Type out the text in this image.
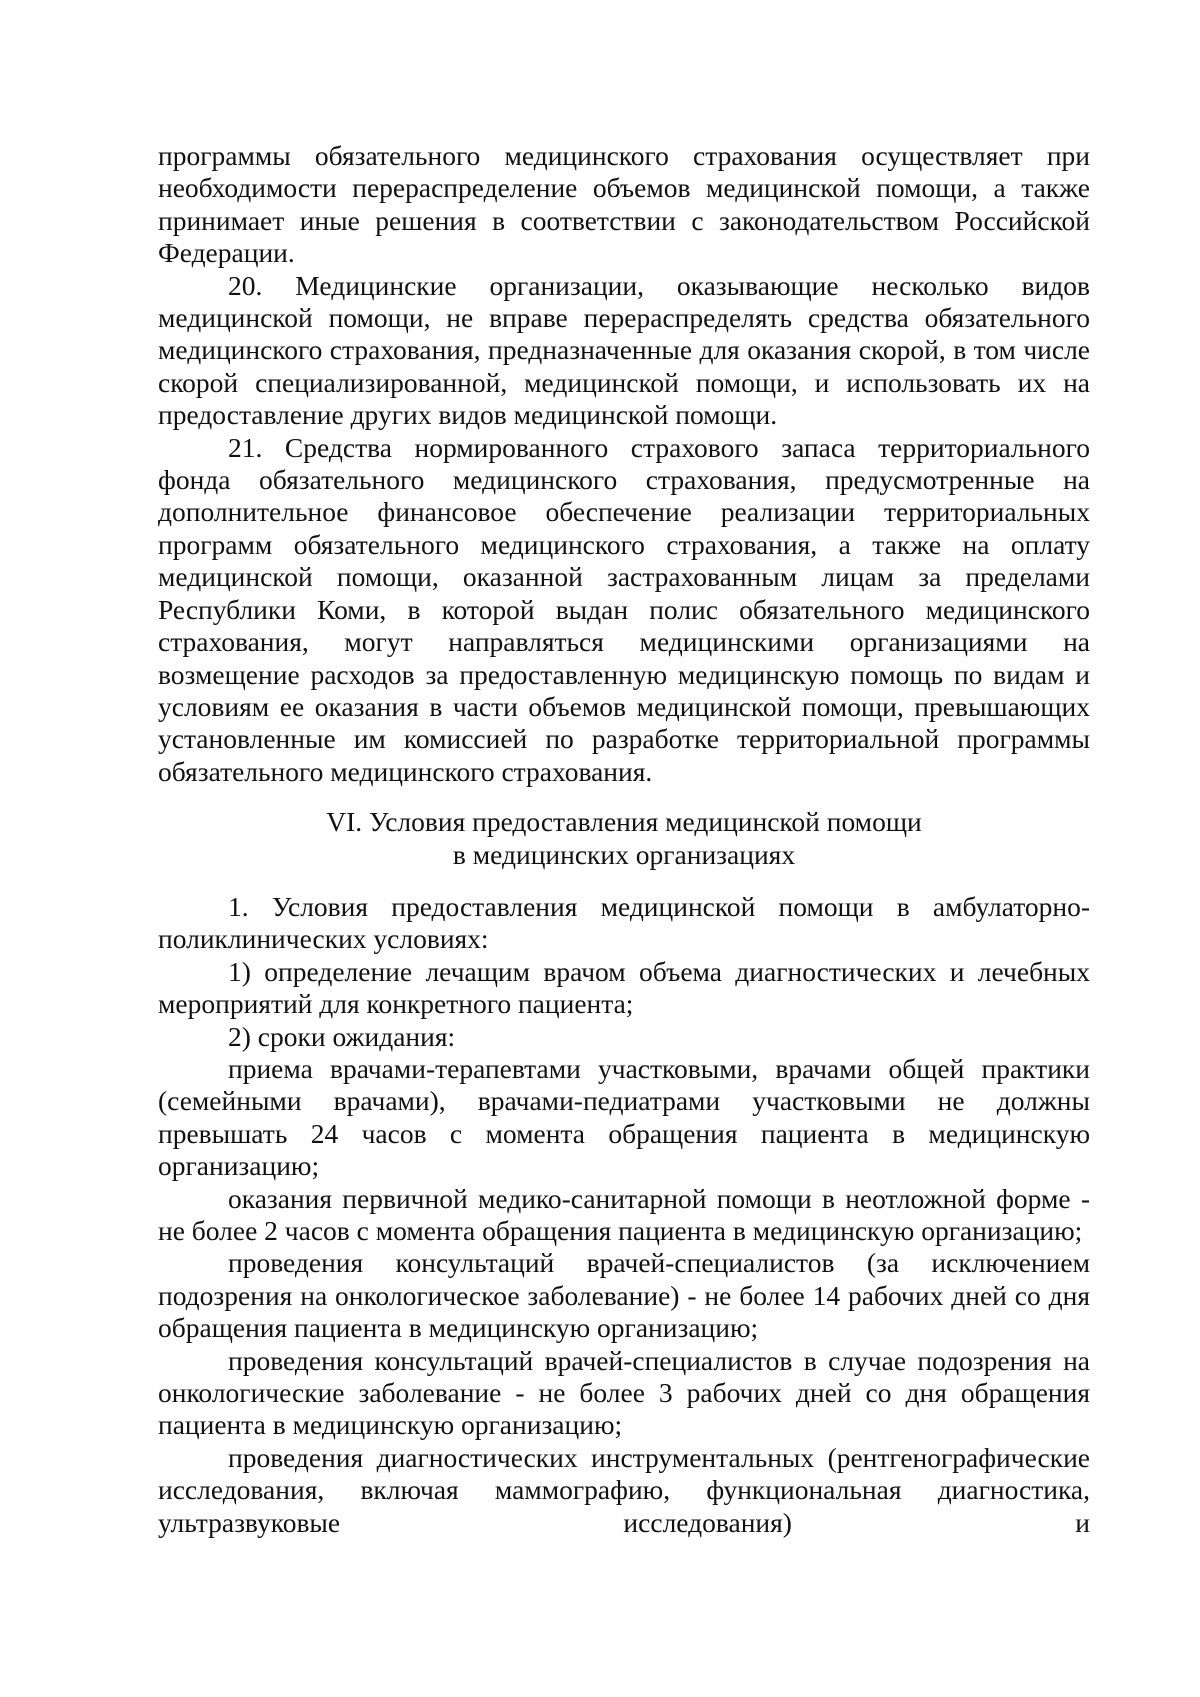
программы обязательного медицинского страхования осуществляет при необходимости перераспределение объемов медицинской помощи, а также принимает иные решения в соответствии с законодательством Российской Федерации.

20. Медицинские организации, оказывающие несколько видов медицинской помощи, не вправе перераспределять средства обязательного медицинского страхования, предназначенные для оказания скорой, в том числе скорой специализированной, медицинской помощи, и использовать их на предоставление других видов медицинской помощи.

21. Средства нормированного страхового запаса территориального фонда обязательного медицинского страхования, предусмотренные на дополнительное финансовое обеспечение реализации территориальных программ обязательного медицинского страхования, а также на оплату медицинской помощи, оказанной застрахованным лицам за пределами Республики Коми, в которой выдан полис обязательного медицинского страхования, могут направляться медицинскими организациями на возмещение расходов за предоставленную медицинскую помощь по видам и условиям ее оказания в части объемов медицинской помощи, превышающих установленные им комиссией по разработке территориальной программы обязательного медицинского страхования.

VI. Условия предоставления медицинской помощи
в медицинских организациях

1. Условия предоставления медицинской помощи в амбулаторно-поликлинических условиях:

1) определение лечащим врачом объема диагностических и лечебных мероприятий для конкретного пациента;

2) сроки ожидания:

приема врачами-терапевтами участковыми, врачами общей практики (семейными врачами), врачами-педиатрами участковыми не должны превышать 24 часов с момента обращения пациента в медицинскую организацию;

оказания первичной медико-санитарной помощи в неотложной форме - не более 2 часов с момента обращения пациента в медицинскую организацию;

проведения консультаций врачей-специалистов (за исключением подозрения на онкологическое заболевание) - не более 14 рабочих дней со дня обращения пациента в медицинскую организацию;

проведения консультаций врачей-специалистов в случае подозрения на онкологические заболевание - не более 3 рабочих дней со дня обращения пациента в медицинскую организацию;

проведения диагностических инструментальных (рентгенографические исследования, включая маммографию, функциональная диагностика, ультразвуковые исследования) и
